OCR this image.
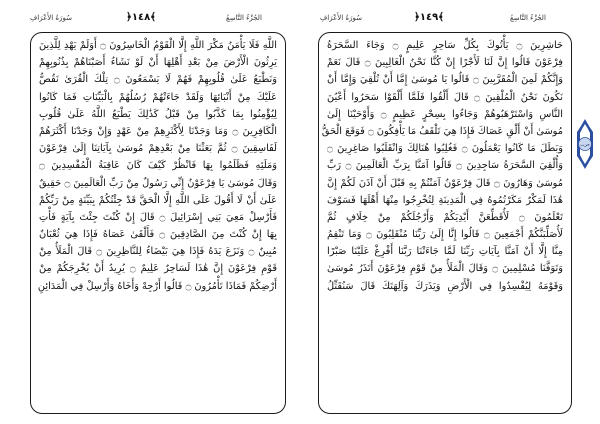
سُورَةُ الأَعْرَافِ	﴿١٤٨﴾	الجُزْءُ التَّاسِعُ
اللَّهِ فَلَا يَأْمَنُ مَكْرَ اللَّهِ إِلَّا الْقَوْمُ الْخَاسِرُونَ ۝ أَوَلَمْ يَهْدِ لِلَّذِينَ
يَرِثُونَ الْأَرْضَ مِنْ بَعْدِ أَهْلِهَا أَنْ لَوْ نَشَاءُ أَصَبْنَاهُمْ بِذُنُوبِهِمْ
وَنَطْبَعُ عَلَىٰ قُلُوبِهِمْ فَهُمْ لَا يَسْمَعُونَ ۝ تِلْكَ الْقُرَىٰ نَقُصُّ
عَلَيْكَ مِنْ أَنْبَائِهَا وَلَقَدْ جَاءَتْهُمْ رُسُلُهُمْ بِالْبَيِّنَاتِ فَمَا كَانُوا
لِيُؤْمِنُوا بِمَا كَذَّبُوا مِنْ قَبْلُ كَذَٰلِكَ يَطْبَعُ اللَّهُ عَلَىٰ قُلُوبِ
الْكَافِرِينَ ۝ وَمَا وَجَدْنَا لِأَكْثَرِهِمْ مِنْ عَهْدٍ وَإِنْ وَجَدْنَا أَكْثَرَهُمْ
لَفَاسِقِينَ ۝ ثُمَّ بَعَثْنَا مِنْ بَعْدِهِمْ مُوسَىٰ بِآيَاتِنَا إِلَىٰ فِرْعَوْنَ
وَمَلَئِهِ فَظَلَمُوا بِهَا فَانْظُرْ كَيْفَ كَانَ عَاقِبَةُ الْمُفْسِدِينَ ۝
وَقَالَ مُوسَىٰ يَا فِرْعَوْنُ إِنِّي رَسُولٌ مِنْ رَبِّ الْعَالَمِينَ ۝ حَقِيقٌ
عَلَىٰ أَنْ لَا أَقُولَ عَلَى اللَّهِ إِلَّا الْحَقَّ قَدْ جِئْتُكُمْ بِبَيِّنَةٍ مِنْ رَبِّكُمْ
فَأَرْسِلْ مَعِيَ بَنِي إِسْرَائِيلَ ۝ قَالَ إِنْ كُنْتَ جِئْتَ بِآيَةٍ فَأْتِ
بِهَا إِنْ كُنْتَ مِنَ الصَّادِقِينَ ۝ فَأَلْقَىٰ عَصَاهُ فَإِذَا هِيَ ثُعْبَانٌ
مُبِينٌ ۝ وَنَزَعَ يَدَهُ فَإِذَا هِيَ بَيْضَاءُ لِلنَّاظِرِينَ ۝ قَالَ الْمَلَأُ مِنْ
قَوْمِ فِرْعَوْنَ إِنَّ هَٰذَا لَسَاحِرٌ عَلِيمٌ ۝ يُرِيدُ أَنْ يُخْرِجَكُمْ مِنْ
أَرْضِكُمْ فَمَاذَا تَأْمُرُونَ ۝ قَالُوا أَرْجِهْ وَأَخَاهُ وَأَرْسِلْ فِي الْمَدَائِنِ
سُورَةُ الأَعْرَافِ	﴿١٤٩﴾	الجُزْءُ التَّاسِعُ
حَاشِرِينَ ۝ يَأْتُوكَ بِكُلِّ سَاحِرٍ عَلِيمٍ ۝ وَجَاءَ السَّحَرَةُ
فِرْعَوْنَ قَالُوا إِنَّ لَنَا لَأَجْرًا إِنْ كُنَّا نَحْنُ الْغَالِبِينَ ۝ قَالَ نَعَمْ
وَإِنَّكُمْ لَمِنَ الْمُقَرَّبِينَ ۝ قَالُوا يَا مُوسَىٰ إِمَّا أَنْ تُلْقِيَ وَإِمَّا أَنْ
نَكُونَ نَحْنُ الْمُلْقِينَ ۝ قَالَ أَلْقُوا فَلَمَّا أَلْقَوْا سَحَرُوا أَعْيُنَ
النَّاسِ وَاسْتَرْهَبُوهُمْ وَجَاءُوا بِسِحْرٍ عَظِيمٍ ۝ وَأَوْحَيْنَا إِلَىٰ
مُوسَىٰ أَنْ أَلْقِ عَصَاكَ فَإِذَا هِيَ تَلْقَفُ مَا يَأْفِكُونَ ۝ فَوَقَعَ الْحَقُّ
وَبَطَلَ مَا كَانُوا يَعْمَلُونَ ۝ فَغُلِبُوا هُنَالِكَ وَانْقَلَبُوا صَاغِرِينَ ۝
وَأُلْقِيَ السَّحَرَةُ سَاجِدِينَ ۝ قَالُوا آمَنَّا بِرَبِّ الْعَالَمِينَ ۝ رَبِّ
مُوسَىٰ وَهَارُونَ ۝ قَالَ فِرْعَوْنُ آمَنْتُمْ بِهِ قَبْلَ أَنْ آذَنَ لَكُمْ إِنَّ
هَٰذَا لَمَكْرٌ مَكَرْتُمُوهُ فِي الْمَدِينَةِ لِتُخْرِجُوا مِنْهَا أَهْلَهَا فَسَوْفَ
تَعْلَمُونَ ۝ لَأُقَطِّعَنَّ أَيْدِيَكُمْ وَأَرْجُلَكُمْ مِنْ خِلَافٍ ثُمَّ
لَأُصَلِّبَنَّكُمْ أَجْمَعِينَ ۝ قَالُوا إِنَّا إِلَىٰ رَبِّنَا مُنْقَلِبُونَ ۝ وَمَا تَنْقِمُ
مِنَّا إِلَّا أَنْ آمَنَّا بِآيَاتِ رَبِّنَا لَمَّا جَاءَتْنَا رَبَّنَا أَفْرِغْ عَلَيْنَا صَبْرًا
وَتَوَفَّنَا مُسْلِمِينَ ۝ وَقَالَ الْمَلَأُ مِنْ قَوْمِ فِرْعَوْنَ أَتَذَرُ مُوسَىٰ
وَقَوْمَهُ لِيُفْسِدُوا فِي الْأَرْضِ وَيَذَرَكَ وَآلِهَتَكَ قَالَ سَنُقَتِّلُ
حزب
